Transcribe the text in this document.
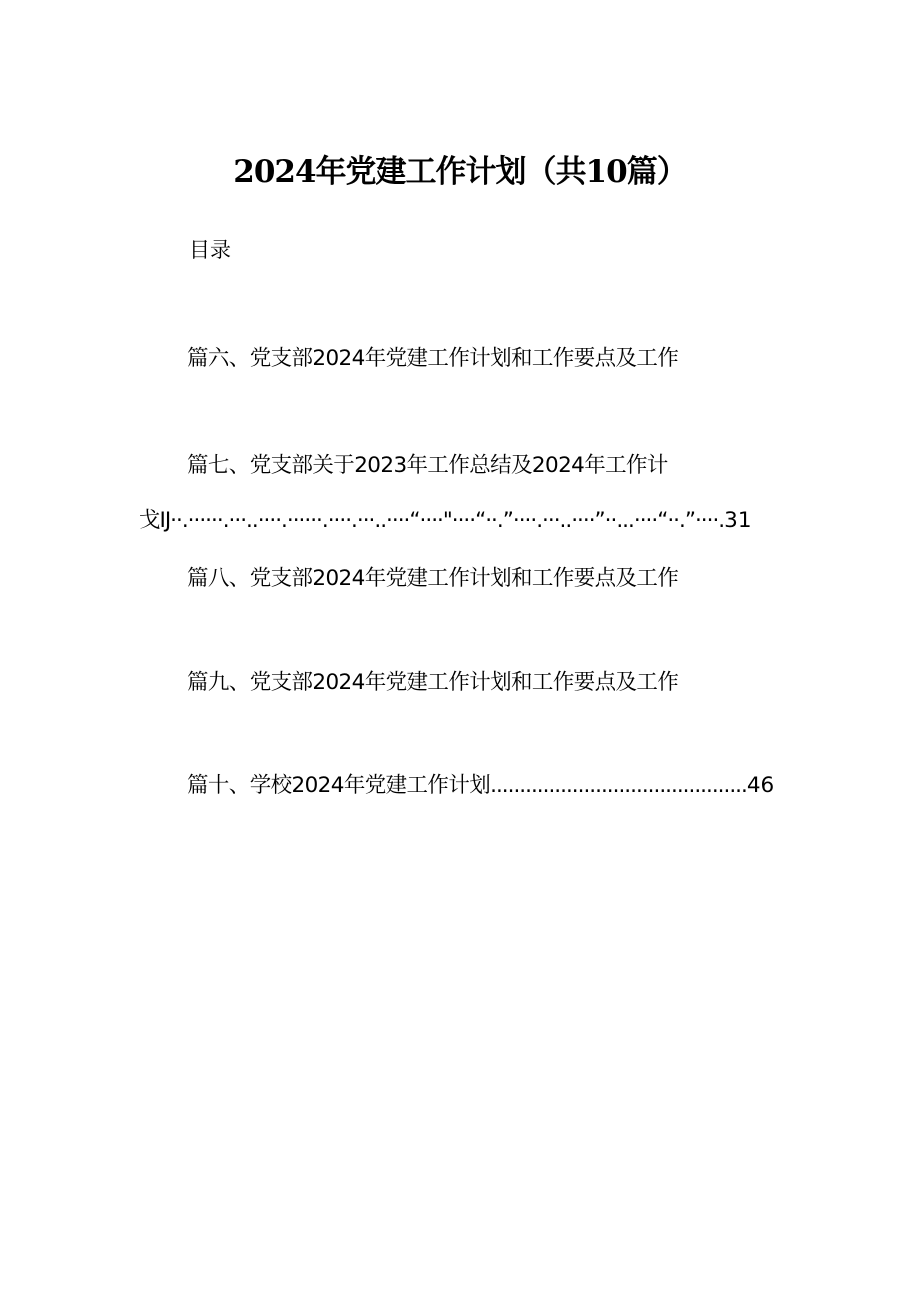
2024年党建工作计划（共10篇）
目录
篇六、党支部2024年党建工作计划和工作要点及工作
篇七、党支部关于2023年工作总结及2024年工作计
戈IJ··.······.···..····.······.····.···..····“····"····“··.”····.···..····”··...····“··.”····.31
篇八、党支部2024年党建工作计划和工作要点及工作
篇九、党支部2024年党建工作计划和工作要点及工作
篇十、学校2024年党建工作计划............................................46
